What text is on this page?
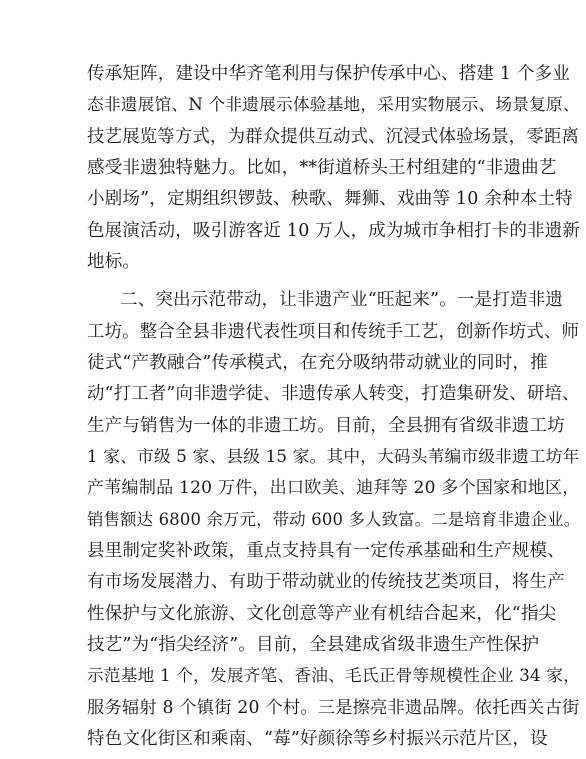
传承矩阵，建设中华齐笔利用与保护传承中心、搭建 1 个多业
态非遗展馆、N 个非遗展示体验基地，采用实物展示、场景复原、
技艺展览等方式，为群众提供互动式、沉浸式体验场景，零距离
感受非遗独特魅力。比如，**街道桥头王村组建的“非遗曲艺
小剧场”，定期组织锣鼓、秧歌、舞狮、戏曲等 10 余种本土特
色展演活动，吸引游客近 10 万人，成为城市争相打卡的非遗新
地标。
二、突出示范带动，让非遗产业“旺起来”。一是打造非遗
工坊。整合全县非遗代表性项目和传统手工艺，创新作坊式、师
徒式“产教融合”传承模式，在充分吸纳带动就业的同时，推
动“打工者”向非遗学徒、非遗传承人转变，打造集研发、研培、
生产与销售为一体的非遗工坊。目前，全县拥有省级非遗工坊
1 家、市级 5 家、县级 15 家。其中，大码头苇编市级非遗工坊年
产苇编制品 120 万件，出口欧美、迪拜等 20 多个国家和地区，
销售额达 6800 余万元，带动 600 多人致富。二是培育非遗企业。
县里制定奖补政策，重点支持具有一定传承基础和生产规模、
有市场发展潜力、有助于带动就业的传统技艺类项目，将生产
性保护与文化旅游、文化创意等产业有机结合起来，化“指尖
技艺”为“指尖经济”。目前，全县建成省级非遗生产性保护
示范基地 1 个，发展齐笔、香油、毛氏正骨等规模性企业 34 家，
服务辐射 8 个镇街 20 个村。三是擦亮非遗品牌。依托西关古街
特色文化街区和乘南、“莓”好颜徐等乡村振兴示范片区，设
